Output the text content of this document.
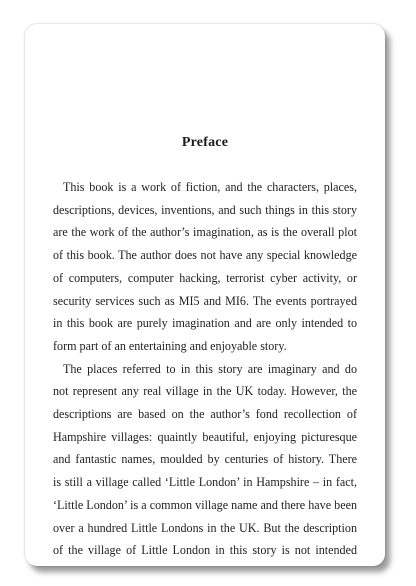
Preface
This book is a work of fiction, and the characters, places,
descriptions, devices, inventions, and such things in this story
are the work of the author’s imagination, as is the overall plot
of this book. The author does not have any special knowledge
of computers, computer hacking, terrorist cyber activity, or
security services such as MI5 and MI6. The events portrayed
in this book are purely imagination and are only intended to
form part of an entertaining and enjoyable story.
The places referred to in this story are imaginary and do
not represent any real village in the UK today. However, the
descriptions are based on the author’s fond recollection of
Hampshire villages: quaintly beautiful, enjoying picturesque
and fantastic names, moulded by centuries of history. There
is still a village called ‘Little London’ in Hampshire – in fact,
‘Little London’ is a common village name and there have been
over a hundred Little Londons in the UK. But the description
of the village of Little London in this story is not intended
